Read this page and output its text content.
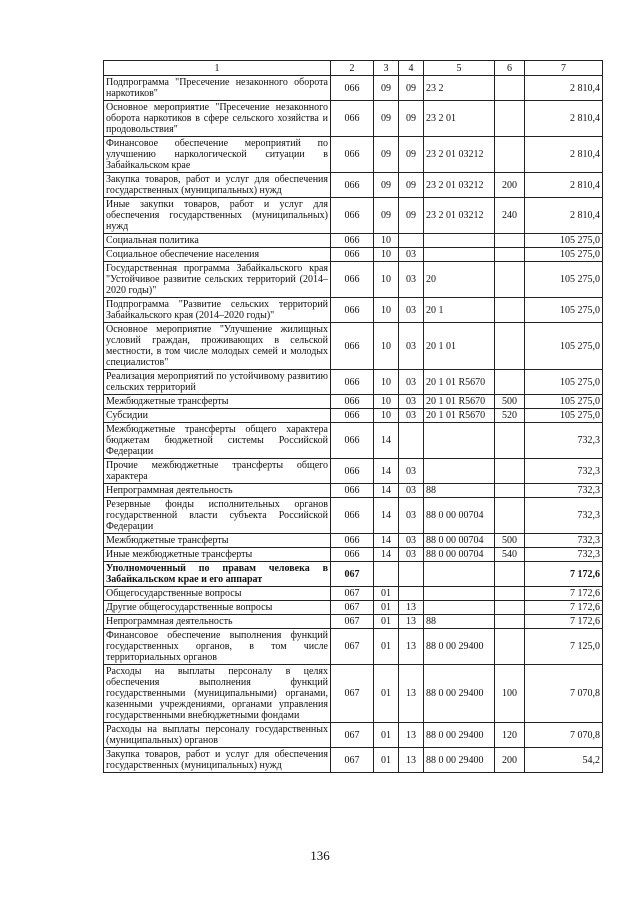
1	2	3	4	5	6	7
Подпрограмма "Пресечение незаконного оборота наркотиков"	066	09	09	23 2		2 810,4
Основное мероприятие "Пресечение незаконного оборота наркотиков в сфере сельского хозяйства и продовольствия"	066	09	09	23 2 01		2 810,4
Финансовое обеспечение мероприятий по улучшению наркологической ситуации в Забайкальском крае	066	09	09	23 2 01 03212		2 810,4
Закупка товаров, работ и услуг для обеспечения государственных (муниципальных) нужд	066	09	09	23 2 01 03212	200	2 810,4
Иные закупки товаров, работ и услуг для обеспечения государственных (муниципальных) нужд	066	09	09	23 2 01 03212	240	2 810,4
Социальная политика	066	10				105 275,0
Социальное обеспечение населения	066	10	03			105 275,0
Государственная программа Забайкальского края "Устойчивое развитие сельских территорий (2014–2020 годы)"	066	10	03	20		105 275,0
Подпрограмма "Развитие сельских территорий Забайкальского края (2014–2020 годы)"	066	10	03	20 1		105 275,0
Основное мероприятие "Улучшение жилищных условий граждан, проживающих в сельской местности, в том числе молодых семей и молодых специалистов"	066	10	03	20 1 01		105 275,0
Реализация мероприятий по устойчивому развитию сельских территорий	066	10	03	20 1 01 R5670		105 275,0
Межбюджетные трансферты	066	10	03	20 1 01 R5670	500	105 275,0
Субсидии	066	10	03	20 1 01 R5670	520	105 275,0
Межбюджетные трансферты общего характера бюджетам бюджетной системы Российской Федерации	066	14				732,3
Прочие межбюджетные трансферты общего характера	066	14	03			732,3
Непрограммная деятельность	066	14	03	88		732,3
Резервные фонды исполнительных органов государственной власти субъекта Российской Федерации	066	14	03	88 0 00 00704		732,3
Межбюджетные трансферты	066	14	03	88 0 00 00704	500	732,3
Иные межбюджетные трансферты	066	14	03	88 0 00 00704	540	732,3
Уполномоченный по правам человека в Забайкальском крае и его аппарат	067					7 172,6
Общегосударственные вопросы	067	01				7 172,6
Другие общегосударственные вопросы	067	01	13			7 172,6
Непрограммная деятельность	067	01	13	88		7 172,6
Финансовое обеспечение выполнения функций государственных органов, в том числе территориальных органов	067	01	13	88 0 00 29400		7 125,0
Расходы на выплаты персоналу в целях обеспечения выполнения функций государственными (муниципальными) органами, казенными учреждениями, органами управления государственными внебюджетными фондами	067	01	13	88 0 00 29400	100	7 070,8
Расходы на выплаты персоналу государственных (муниципальных) органов	067	01	13	88 0 00 29400	120	7 070,8
Закупка товаров, работ и услуг для обеспечения государственных (муниципальных) нужд	067	01	13	88 0 00 29400	200	54,2
136
